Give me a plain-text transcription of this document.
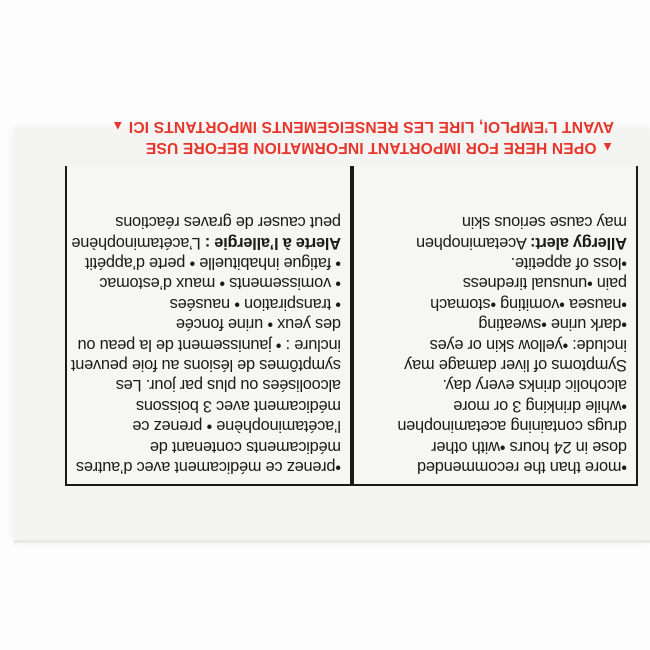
•more than the recommended
dose in 24 hours •with other
drugs containing acetaminophen
•while drinking 3 or more
alcoholic drinks every day.
Symptoms of liver damage may
include: •yellow skin or eyes
•dark urine •sweating
•nausea •vomiting •stomach
pain •unusual tiredness
•loss of appetite.
Allergy alert: Acetaminophen
may cause serious skin
•prenez ce médicament avec d’autres
médicaments contenant de
l’acétaminophène • prenez ce
médicament avec 3 boissons
alcoolisées ou plus par jour. Les
symptômes de lésions au foie peuvent
inclure : • jaunissement de la peau ou
des yeux • urine foncée
• transpiration • nausées
• vomissements • maux d’estomac
• fatigue inhabituelle • perte d’appétit
Alerte à l’allergie : L’acétaminophène
peut causer de graves réactions
▲ OPEN HERE FOR IMPORTANT INFORMATION BEFORE USE
AVANT L’EMPLOI, LIRE LES RENSEIGEMENTS IMPORTANTS ICI ▲
